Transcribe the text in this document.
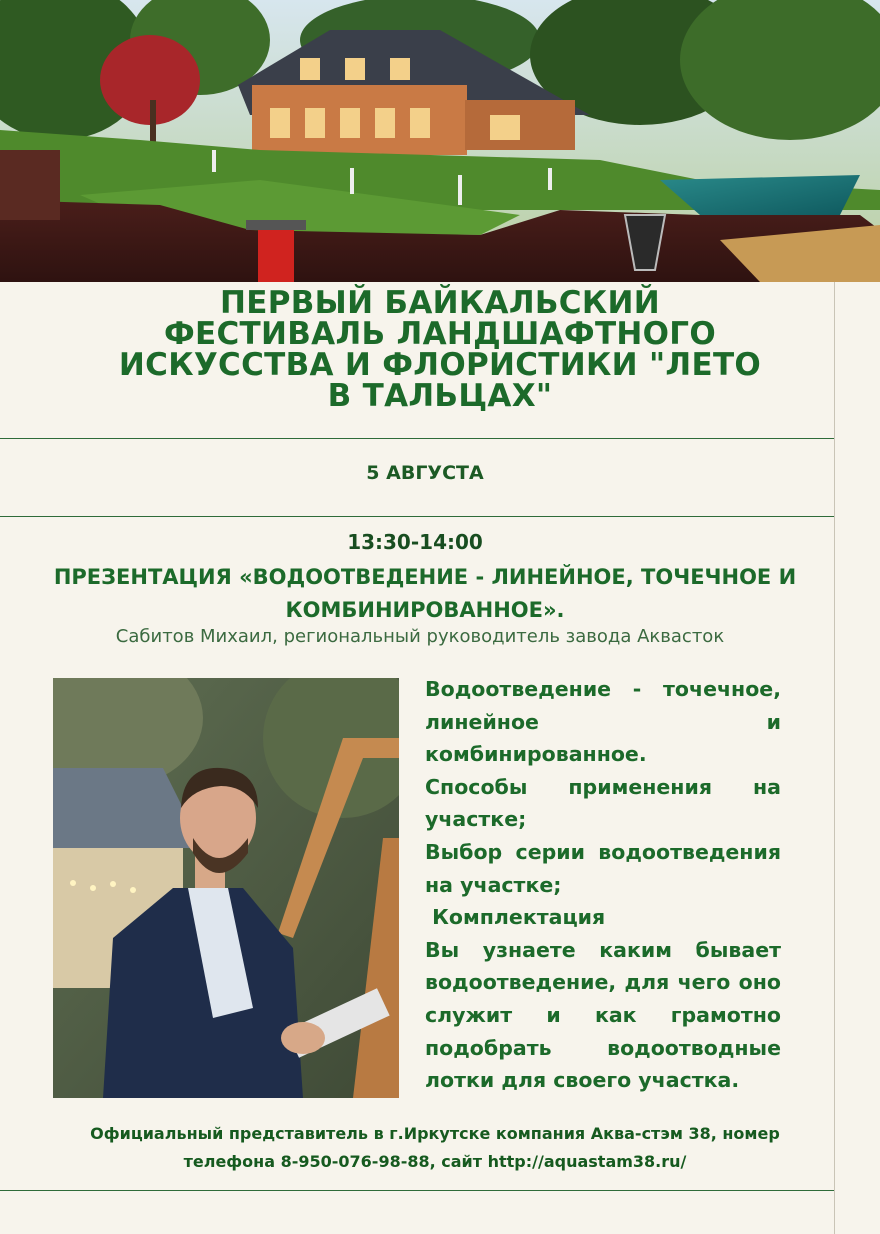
ПЕРВЫЙ БАЙКАЛЬСКИЙ
ФЕСТИВАЛЬ ЛАНДШАФТНОГО
ИСКУССТВА И ФЛОРИСТИКИ "ЛЕТО
В ТАЛЬЦАХ"
5 АВГУСТА
13:30-14:00
ПРЕЗЕНТАЦИЯ «ВОДООТВЕДЕНИЕ - ЛИНЕЙНОЕ, ТОЧЕЧНОЕ И
КОМБИНИРОВАННОЕ».
Сабитов Михаил, региональный руководитель завода Аквасток

Водоотведение - точечное, линейное и комбинированное.

Способы применения на участке;

Выбор серии водоотведения на участке;

Комплектация

Вы узнаете каким бывает водоотведение, для чего оно служит и как грамотно подобрать водоотводные лотки для своего участка.

Официальный представитель в г.Иркутске компания Аква-стэм 38, номер
телефона 8-950-076-98-88, сайт http://aquastam38.ru/
